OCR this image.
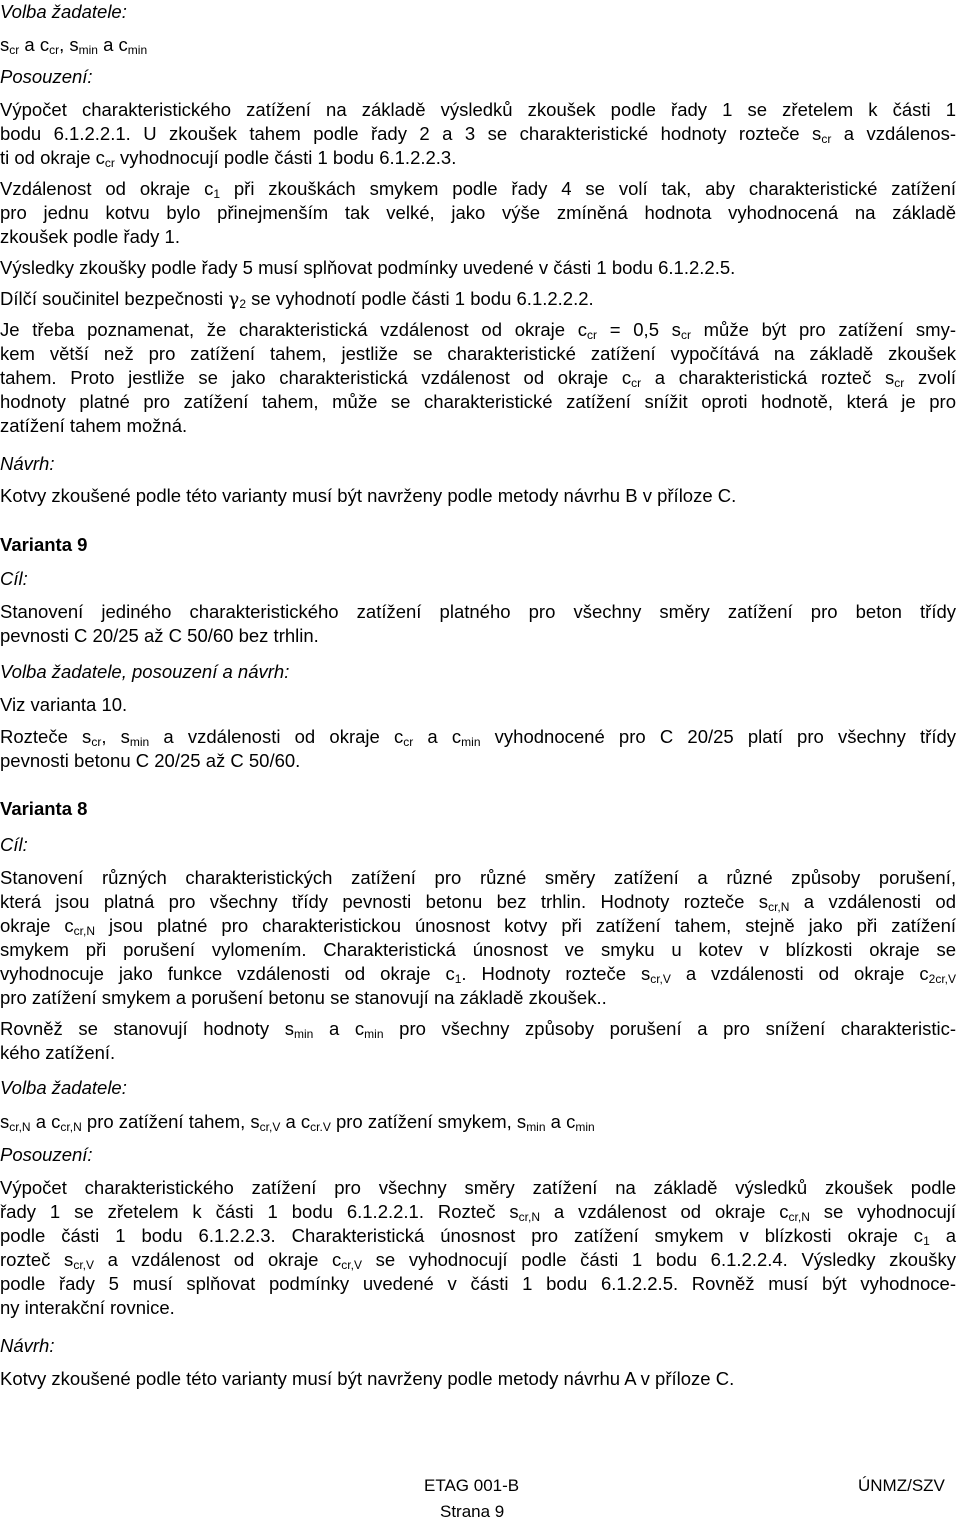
Volba žadatele:
$s_{cr}$ a $c_{cr}$, $s_{min}$ a $c_{min}$
Posouzení:
Výpočet charakteristického zatížení na základě výsledků zkoušek podle řady 1 se zřetelem k části 1
bodu 6.1.2.2.1. U zkoušek tahem podle řady 2 a 3 se charakteristické hodnoty rozteče $s_{cr}$ a vzdálenos-
ti od okraje $c_{cr}$ vyhodnocují podle části 1 bodu 6.1.2.2.3.
Vzdálenost od okraje $c_1$ při zkouškách smykem podle řady 4 se volí tak, aby charakteristické zatížení
pro jednu kotvu bylo přinejmenším tak velké, jako výše zmíněná hodnota vyhodnocená na základě
zkoušek podle řady 1.
Výsledky zkoušky podle řady 5 musí splňovat podmínky uvedené v části 1 bodu 6.1.2.2.5.
Dílčí součinitel bezpečnosti $\gamma_2$ se vyhodnotí podle části 1 bodu 6.1.2.2.2.
Je třeba poznamenat, že charakteristická vzdálenost od okraje $c_{cr} = 0,5$ $s_{cr}$ může být pro zatížení smy-
kem větší než pro zatížení tahem, jestliže se charakteristické zatížení vypočítává na základě zkoušek
tahem. Proto jestliže se jako charakteristická vzdálenost od okraje $c_{cr}$ a charakteristická rozteč $s_{cr}$ zvolí
hodnoty platné pro zatížení tahem, může se charakteristické zatížení snížit oproti hodnotě, která je pro
zatížení tahem možná.
Návrh:
Kotvy zkoušené podle této varianty musí být navrženy podle metody návrhu B v příloze C.
Varianta 9
Cíl:
Stanovení jediného charakteristického zatížení platného pro všechny směry zatížení pro beton třídy
pevnosti C 20/25 až C 50/60 bez trhlin.
Volba žadatele, posouzení a návrh:
Viz varianta 10.
Rozteče $s_{cr}$, $s_{min}$ a vzdálenosti od okraje $c_{cr}$ a $c_{min}$ vyhodnocené pro C 20/25 platí pro všechny třídy
pevnosti betonu C 20/25 až C 50/60.
Varianta 8
Cíl:
Stanovení různých charakteristických zatížení pro různé směry zatížení a různé způsoby porušení,
která jsou platná pro všechny třídy pevnosti betonu bez trhlin. Hodnoty rozteče $s_{cr,N}$ a vzdálenosti od
okraje $c_{cr,N}$ jsou platné pro charakteristickou únosnost kotvy při zatížení tahem, stejně jako při zatížení
smykem při porušení vylomením. Charakteristická únosnost ve smyku u kotev v blízkosti okraje se
vyhodnocuje jako funkce vzdálenosti od okraje $c_1$. Hodnoty rozteče $s_{cr,V}$ a vzdálenosti od okraje $c_{2cr,V}$
pro zatížení smykem a porušení betonu se stanovují na základě zkoušek..
Rovněž se stanovují hodnoty $s_{min}$ a $c_{min}$ pro všechny způsoby porušení a pro snížení charakteristic-
kého zatížení.
Volba žadatele:
$s_{cr,N}$ a $c_{cr,N}$ pro zatížení tahem, $s_{cr,V}$ a $c_{cr.V}$ pro zatížení smykem, $s_{min}$ a $c_{min}$
Posouzení:
Výpočet charakteristického zatížení pro všechny směry zatížení na základě výsledků zkoušek podle
řady 1 se zřetelem k části 1 bodu 6.1.2.2.1. Rozteč $s_{cr,N}$ a vzdálenost od okraje $c_{cr,N}$ se vyhodnocují
podle části 1 bodu 6.1.2.2.3. Charakteristická únosnost pro zatížení smykem v blízkosti okraje $c_1$ a
rozteč $s_{cr,V}$ a vzdálenost od okraje $c_{cr,V}$ se vyhodnocují podle části 1 bodu 6.1.2.2.4. Výsledky zkoušky
podle řady 5 musí splňovat podmínky uvedené v části 1 bodu 6.1.2.2.5. Rovněž musí být vyhodnoce-
ny interakční rovnice.
Návrh:
Kotvy zkoušené podle této varianty musí být navrženy podle metody návrhu A v příloze C.
ETAG 001-B
Strana 9
ÚNMZ/SZV
